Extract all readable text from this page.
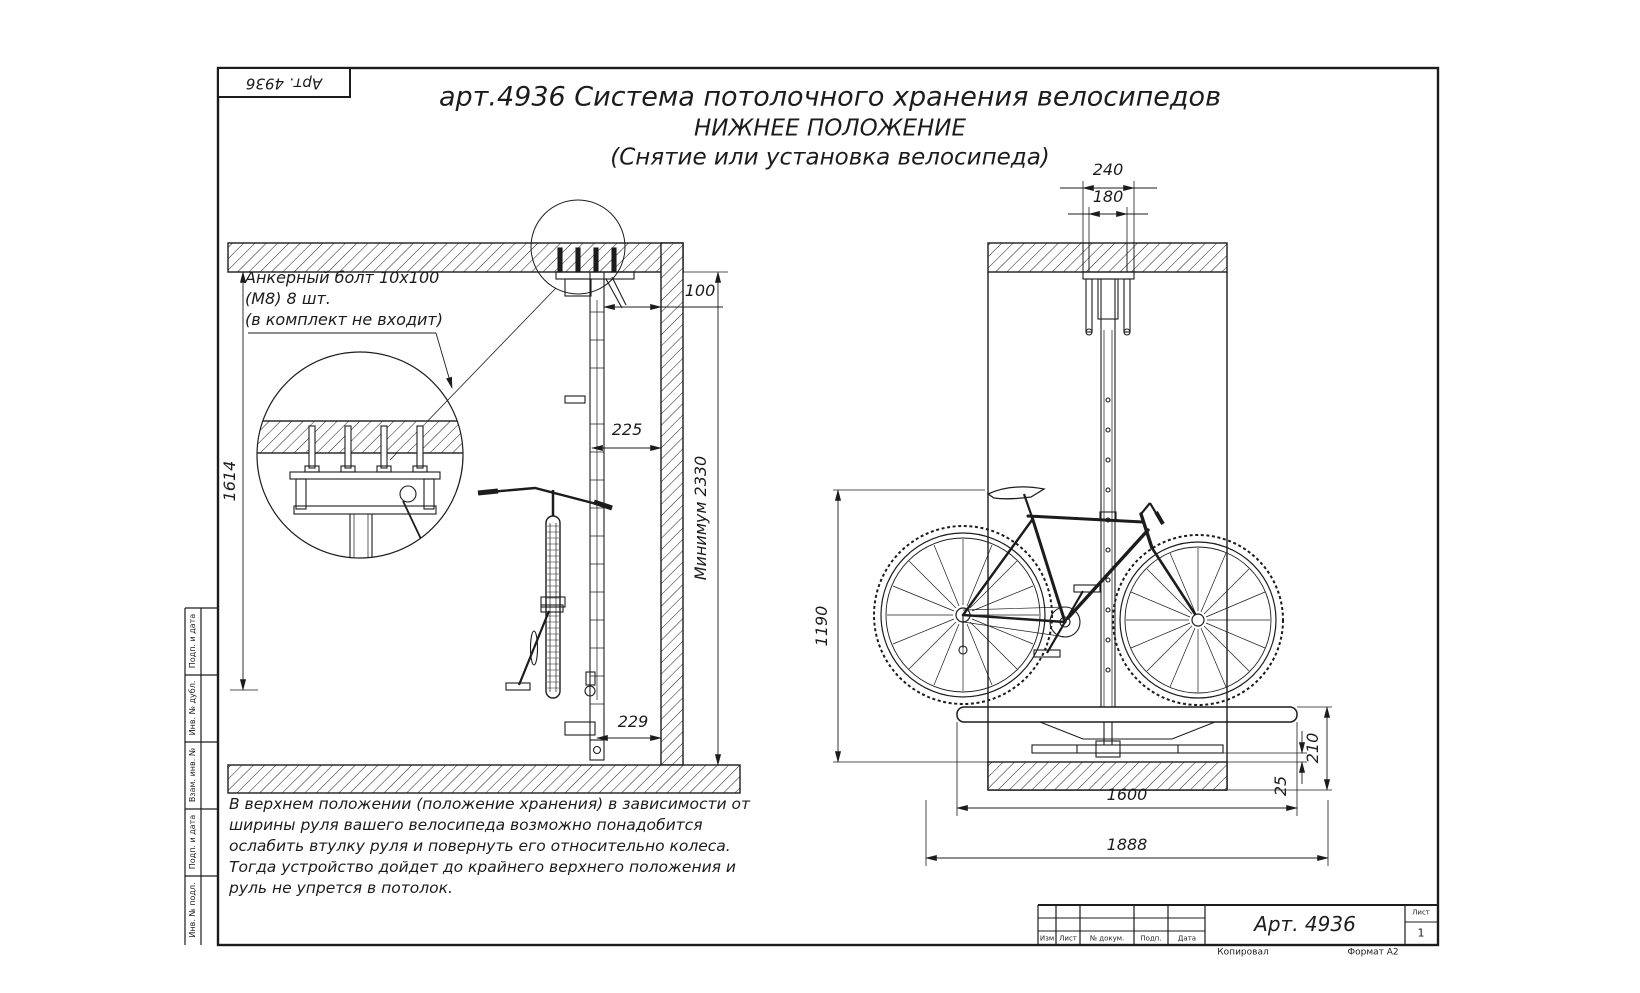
арт.4936 Система потолочного хранения велосипедов
НИЖНЕЕ ПОЛОЖЕНИЕ
(Снятие или установка велосипеда)
Анкерный болт 10х100
(М8) 8 шт.
(в комплект не входит)
100
225
229
1614	Минимум 2330
240
180
1190
210
25
1600
1888
В верхнем положении (положение хранения) в зависимости от
ширины руля вашего велосипеда возможно понадобится
ослабить втулку руля и повернуть его относительно колеса.
Тогда устройство дойдет до крайнего верхнего положения и
руль не упрется в потолок.
Арт. 4936
Подп. и дата
Инв. № дубл.
Взам. инв. №
Подп. и дата
Инв. № подл.
Изм Лист № докум. Подп. Дата
Арт. 4936	Лист
1
Копировал	Формат А2
